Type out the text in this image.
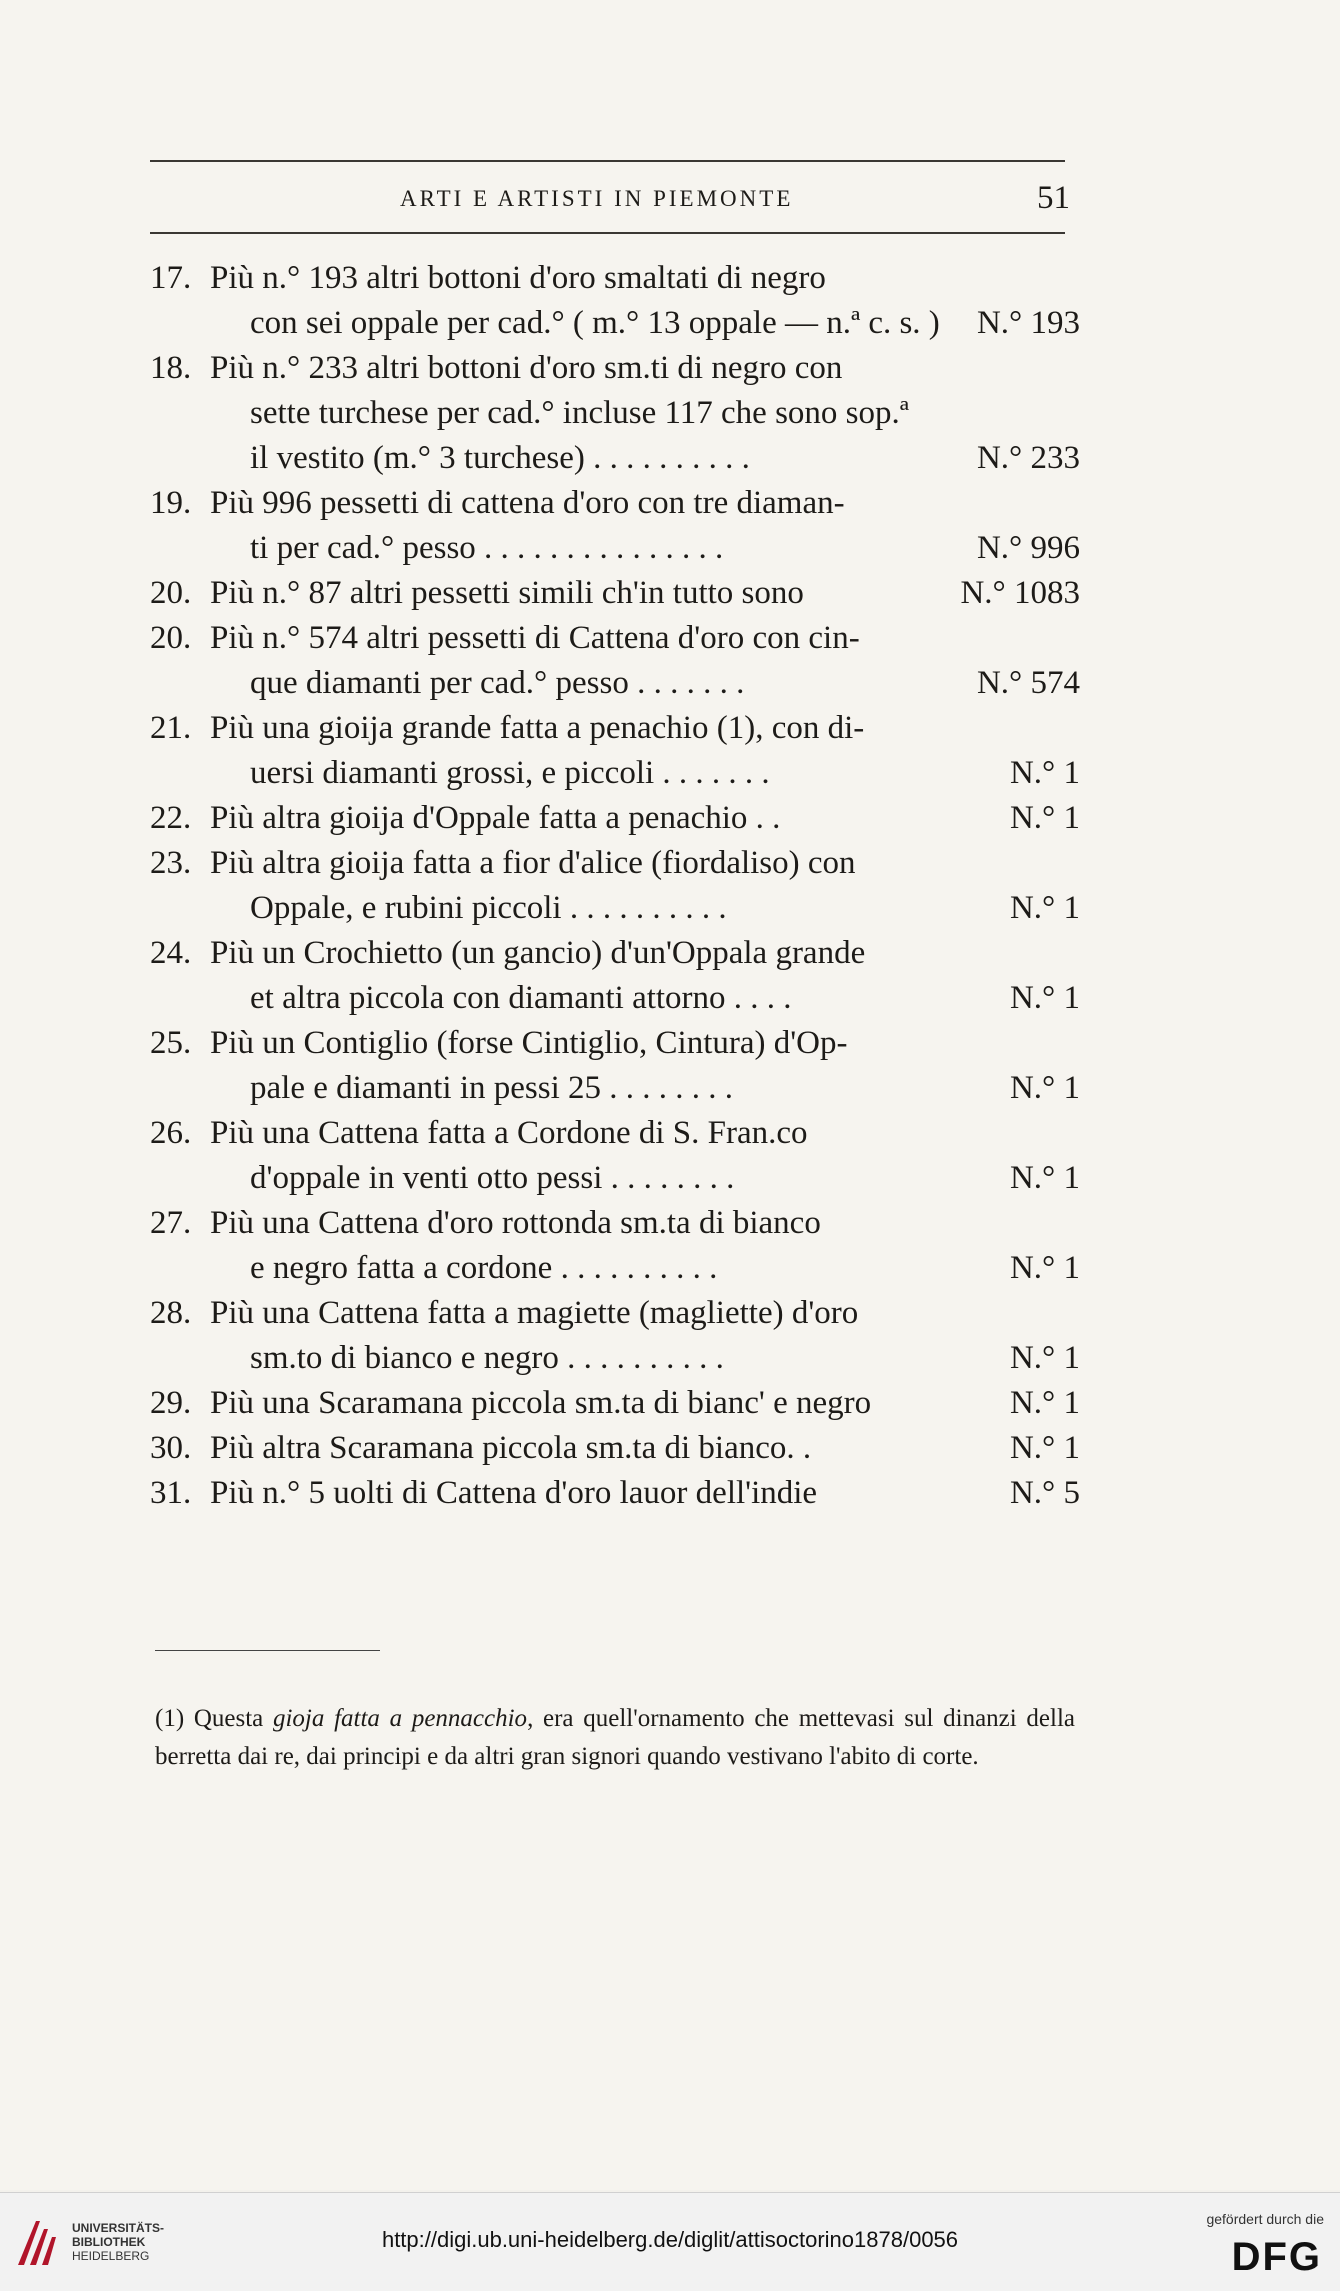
ARTI E ARTISTI IN PIEMONTE	51
17. Più n.° 193 altri bottoni d'oro smaltati di negro
con sei oppale per cad.° ( m.° 13 oppale — n.ª c. s. ) N.° 193
18. Più n.° 233 altri bottoni d'oro sm.ti di negro con
sette turchese per cad.° incluse 117 che sono sop.ª
il vestito (m.° 3 turchese) . . . . . . . . . .	N.° 233
19. Più 996 pessetti di cattena d'oro con tre diaman-
ti per cad.° pesso . . . . . . . . . . . . . . .	N.° 996
20. Più n.° 87 altri pessetti simili ch'in tutto sono	N.° 1083
20. Più n.° 574 altri pessetti di Cattena d'oro con cin-
que diamanti per cad.° pesso . . . . . . .	N.° 574
21. Più una gioija grande fatta a penachio (1), con di-
uersi diamanti grossi, e piccoli . . . . . . .	N.° 1
22. Più altra gioija d'Oppale fatta a penachio . .	N.° 1
23. Più altra gioija fatta a fior d'alice (fiordaliso) con
Oppale, e rubini piccoli . . . . . . . . . .	N.° 1
24. Più un Crochietto (un gancio) d'un'Oppala grande
et altra piccola con diamanti attorno . . . .	N.° 1
25. Più un Contiglio (forse Cintiglio, Cintura) d'Op-
pale e diamanti in pessi 25 . . . . . . . .	N.° 1
26. Più una Cattena fatta a Cordone di S. Fran.co
d'oppale in venti otto pessi . . . . . . . .	N.° 1
27. Più una Cattena d'oro rottonda sm.ta di bianco
e negro fatta a cordone . . . . . . . . . .	N.° 1
28. Più una Cattena fatta a magiette (magliette) d'oro
sm.to di bianco e negro . . . . . . . . . .	N.° 1
29. Più una Scaramana piccola sm.ta di bianc' e negro	N.° 1
30. Più altra Scaramana piccola sm.ta di bianco. .	N.° 1
31. Più n.° 5 uolti di Cattena d'oro lauor dell'indie	N.° 5
(1) Questa gioja fatta a pennacchio, era quell'ornamento che mettevasi sul dinanzi della berretta dai re, dai principi e da altri gran signori quando vestivano l'abito di corte.
UNIVERSITÄTS-
BIBLIOTHEK
HEIDELBERG
http://digi.ub.uni-heidelberg.de/diglit/attisoctorino1878/0056
gefördert durch die
DFG
